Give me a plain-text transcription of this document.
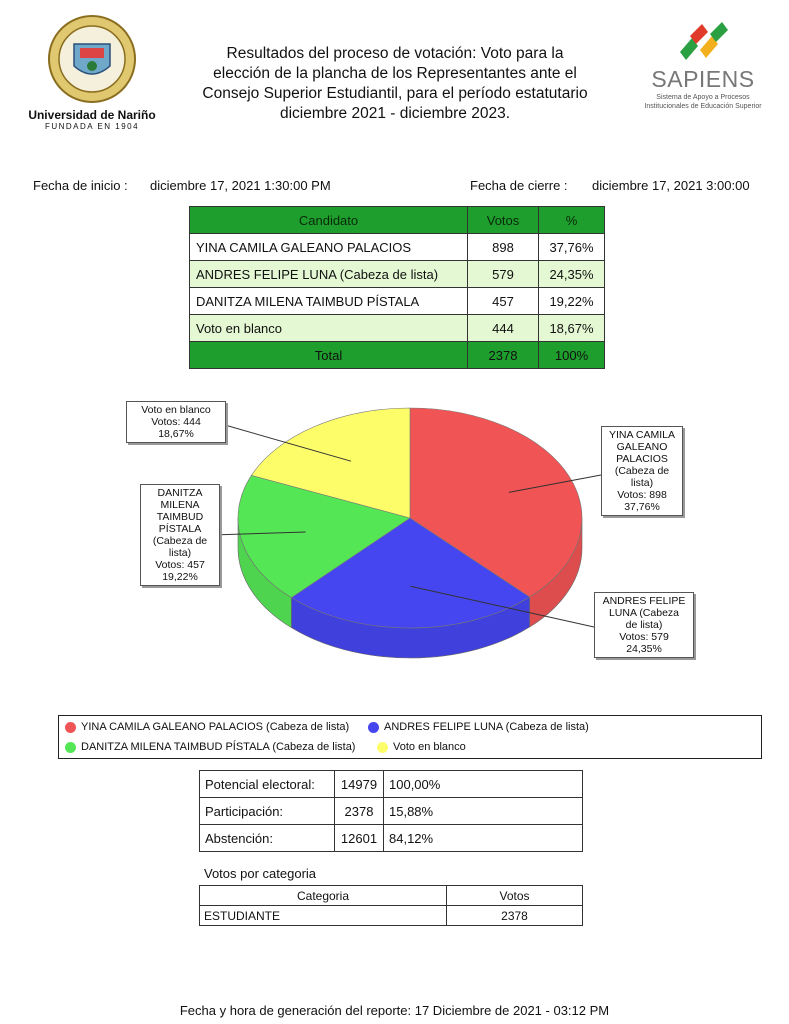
Universidad de Nariño
FUNDADA EN 1904
Resultados del proceso de votación: Voto para la elección de la plancha de los Representantes ante el Consejo Superior Estudiantil, para el período estatutario diciembre 2021 - diciembre 2023.
SAPIENS
Sistema de Apoyo a Procesos
Institucionales de Educación Superior
Fecha de inicio : diciembre 17, 2021 1:30:00 PM	Fecha de cierre : diciembre 17, 2021 3:00:00
Candidato	Votos	%
YINA CAMILA GALEANO PALACIOS	898	37,76%
ANDRES FELIPE LUNA (Cabeza de lista)	579	24,35%
DANITZA MILENA TAIMBUD PÍSTALA	457	19,22%
Voto en blanco	444	18,67%
Total	2378	100%
YINA CAMILA
GALEANO
PALACIOS
(Cabeza de
lista)
Votos: 898
37,76%
ANDRES FELIPE
LUNA (Cabeza
de lista)
Votos: 579
24,35%
DANITZA
MILENA
TAIMBUD
PÍSTALA
(Cabeza de
lista)
Votos: 457
19,22%
Voto en blanco
Votos: 444
18,67%
YINA CAMILA GALEANO PALACIOS (Cabeza de lista)	ANDRES FELIPE LUNA (Cabeza de lista)
DANITZA MILENA TAIMBUD PÍSTALA (Cabeza de lista)	Voto en blanco
Potencial electoral:	14979	100,00%
Participación:	2378	15,88%
Abstención:	12601	84,12%
Votos por categoria
Categoria	Votos
ESTUDIANTE	2378
Fecha y hora de generación del reporte: 17 Diciembre de 2021 - 03:12 PM
